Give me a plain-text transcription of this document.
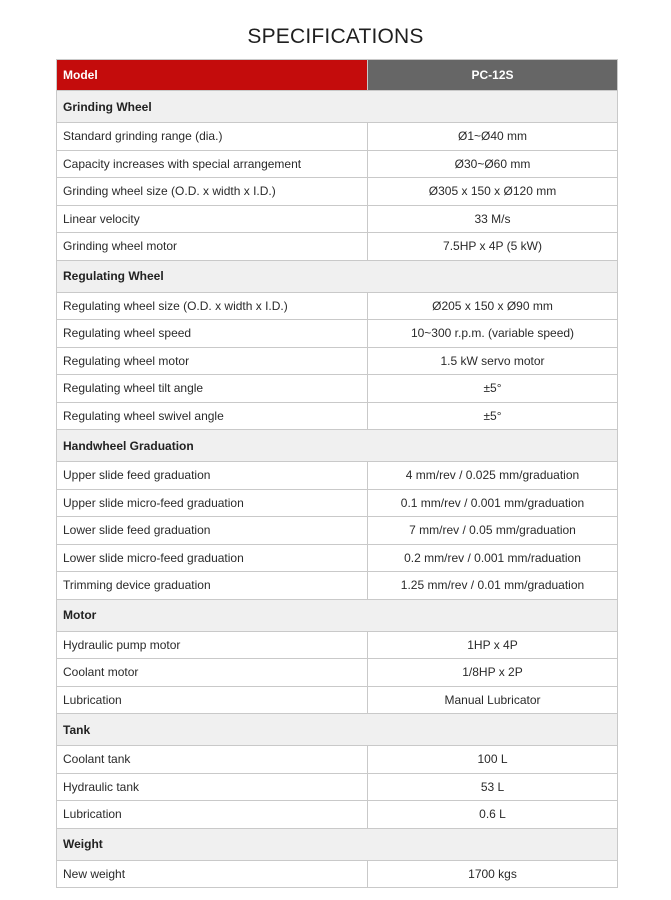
SPECIFICATIONS
Model	PC-12S
Grinding Wheel	
Standard grinding range (dia.)	Ø1~Ø40 mm
Capacity increases with special arrangement	Ø30~Ø60 mm
Grinding wheel size (O.D. x width x I.D.)	Ø305 x 150 x Ø120 mm
Linear velocity	33 M/s
Grinding wheel motor	7.5HP x 4P (5 kW)
Regulating Wheel	
Regulating wheel size (O.D. x width x I.D.)	Ø205 x 150 x Ø90 mm
Regulating wheel speed	10~300 r.p.m. (variable speed)
Regulating wheel motor	1.5 kW servo motor
Regulating wheel tilt angle	±5°
Regulating wheel swivel angle	±5°
Handwheel Graduation	
Upper slide feed graduation	4 mm/rev / 0.025 mm/graduation
Upper slide micro-feed graduation	0.1 mm/rev / 0.001 mm/graduation
Lower slide feed graduation	7 mm/rev / 0.05 mm/graduation
Lower slide micro-feed graduation	0.2 mm/rev / 0.001 mm/raduation
Trimming device graduation	1.25 mm/rev / 0.01 mm/graduation
Motor	
Hydraulic pump motor	1HP x 4P
Coolant motor	1/8HP x 2P
Lubrication	Manual Lubricator
Tank	
Coolant tank	100 L
Hydraulic tank	53 L
Lubrication	0.6 L
Weight	
New weight	1700 kgs
